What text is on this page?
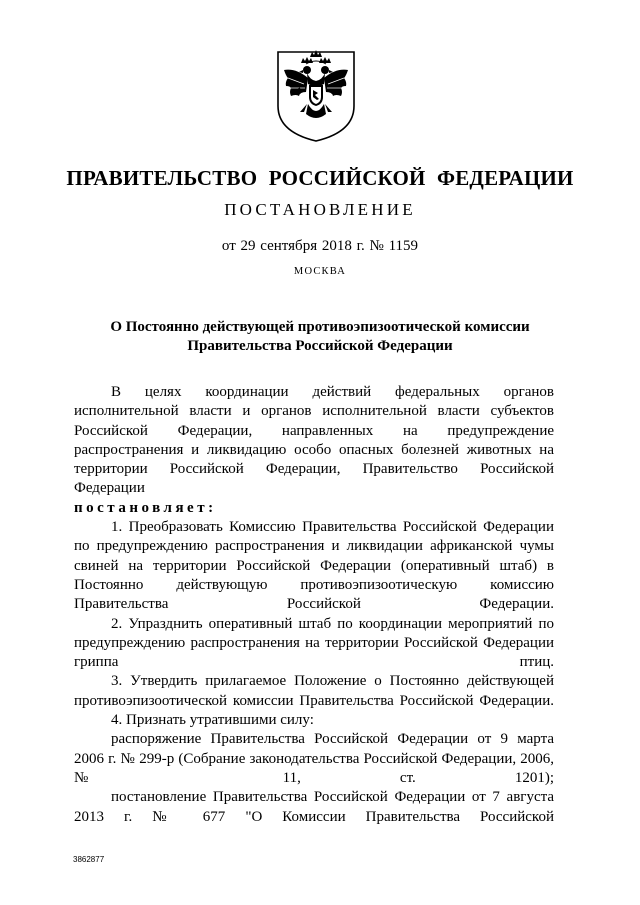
ПРАВИТЕЛЬСТВО РОССИЙСКОЙ ФЕДЕРАЦИИ
ПОСТАНОВЛЕНИЕ
от 29 сентября 2018 г. № 1159
МОСКВА
О Постоянно действующей противоэпизоотической комиссии
Правительства Российской Федерации

В целях координации действий федеральных органов исполнительной власти и органов исполнительной власти субъектов Российской Федерации, направленных на предупреждение распространения и ликвидацию особо опасных болезней животных на территории Российской Федерации, Правительство Российской Федерации

постановляет:

1. Преобразовать Комиссию Правительства Российской Федерации по предупреждению распространения и ликвидации африканской чумы свиней на территории Российской Федерации (оперативный штаб) в Постоянно действующую противоэпизоотическую комиссию Правительства Российской Федерации.

2. Упразднить оперативный штаб по координации мероприятий по предупреждению распространения на территории Российской Федерации гриппа птиц.

3. Утвердить прилагаемое Положение о Постоянно действующей противоэпизоотической комиссии Правительства Российской Федерации.

4. Признать утратившими силу:

распоряжение Правительства Российской Федерации от 9 марта 2006 г. № 299-р (Собрание законодательства Российской Федерации, 2006, № 11, ст. 1201);

постановление Правительства Российской Федерации от 7 августа 2013 г. № 677 "О Комиссии Правительства Российской

3862877
